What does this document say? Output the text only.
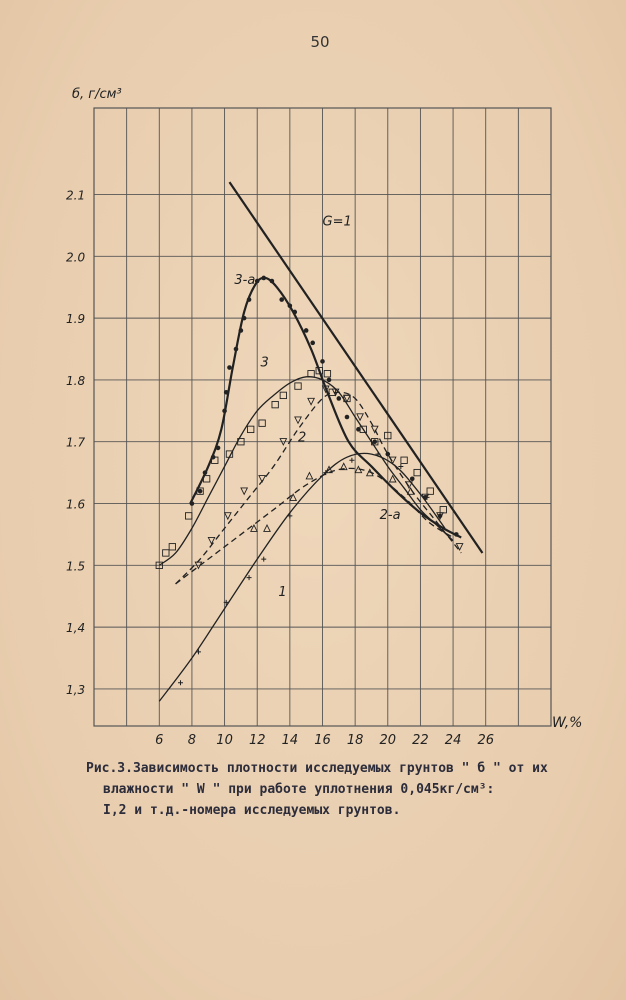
50
6 8 10 12 14 16 18 20 22 24 26
1,3
1,4
1.5
1.6
1.7
1.8
1.9
2.0
2.1
б, г/см³
W,%
G=1
3-a
3
2
1
2-a
Рис.3.Зависимость плотности исследуемых грунтов " б " от их
влажности " W " при работе уплотнения 0,045кг/см³:
I,2 и т.д.-номера исследуемых грунтов.
